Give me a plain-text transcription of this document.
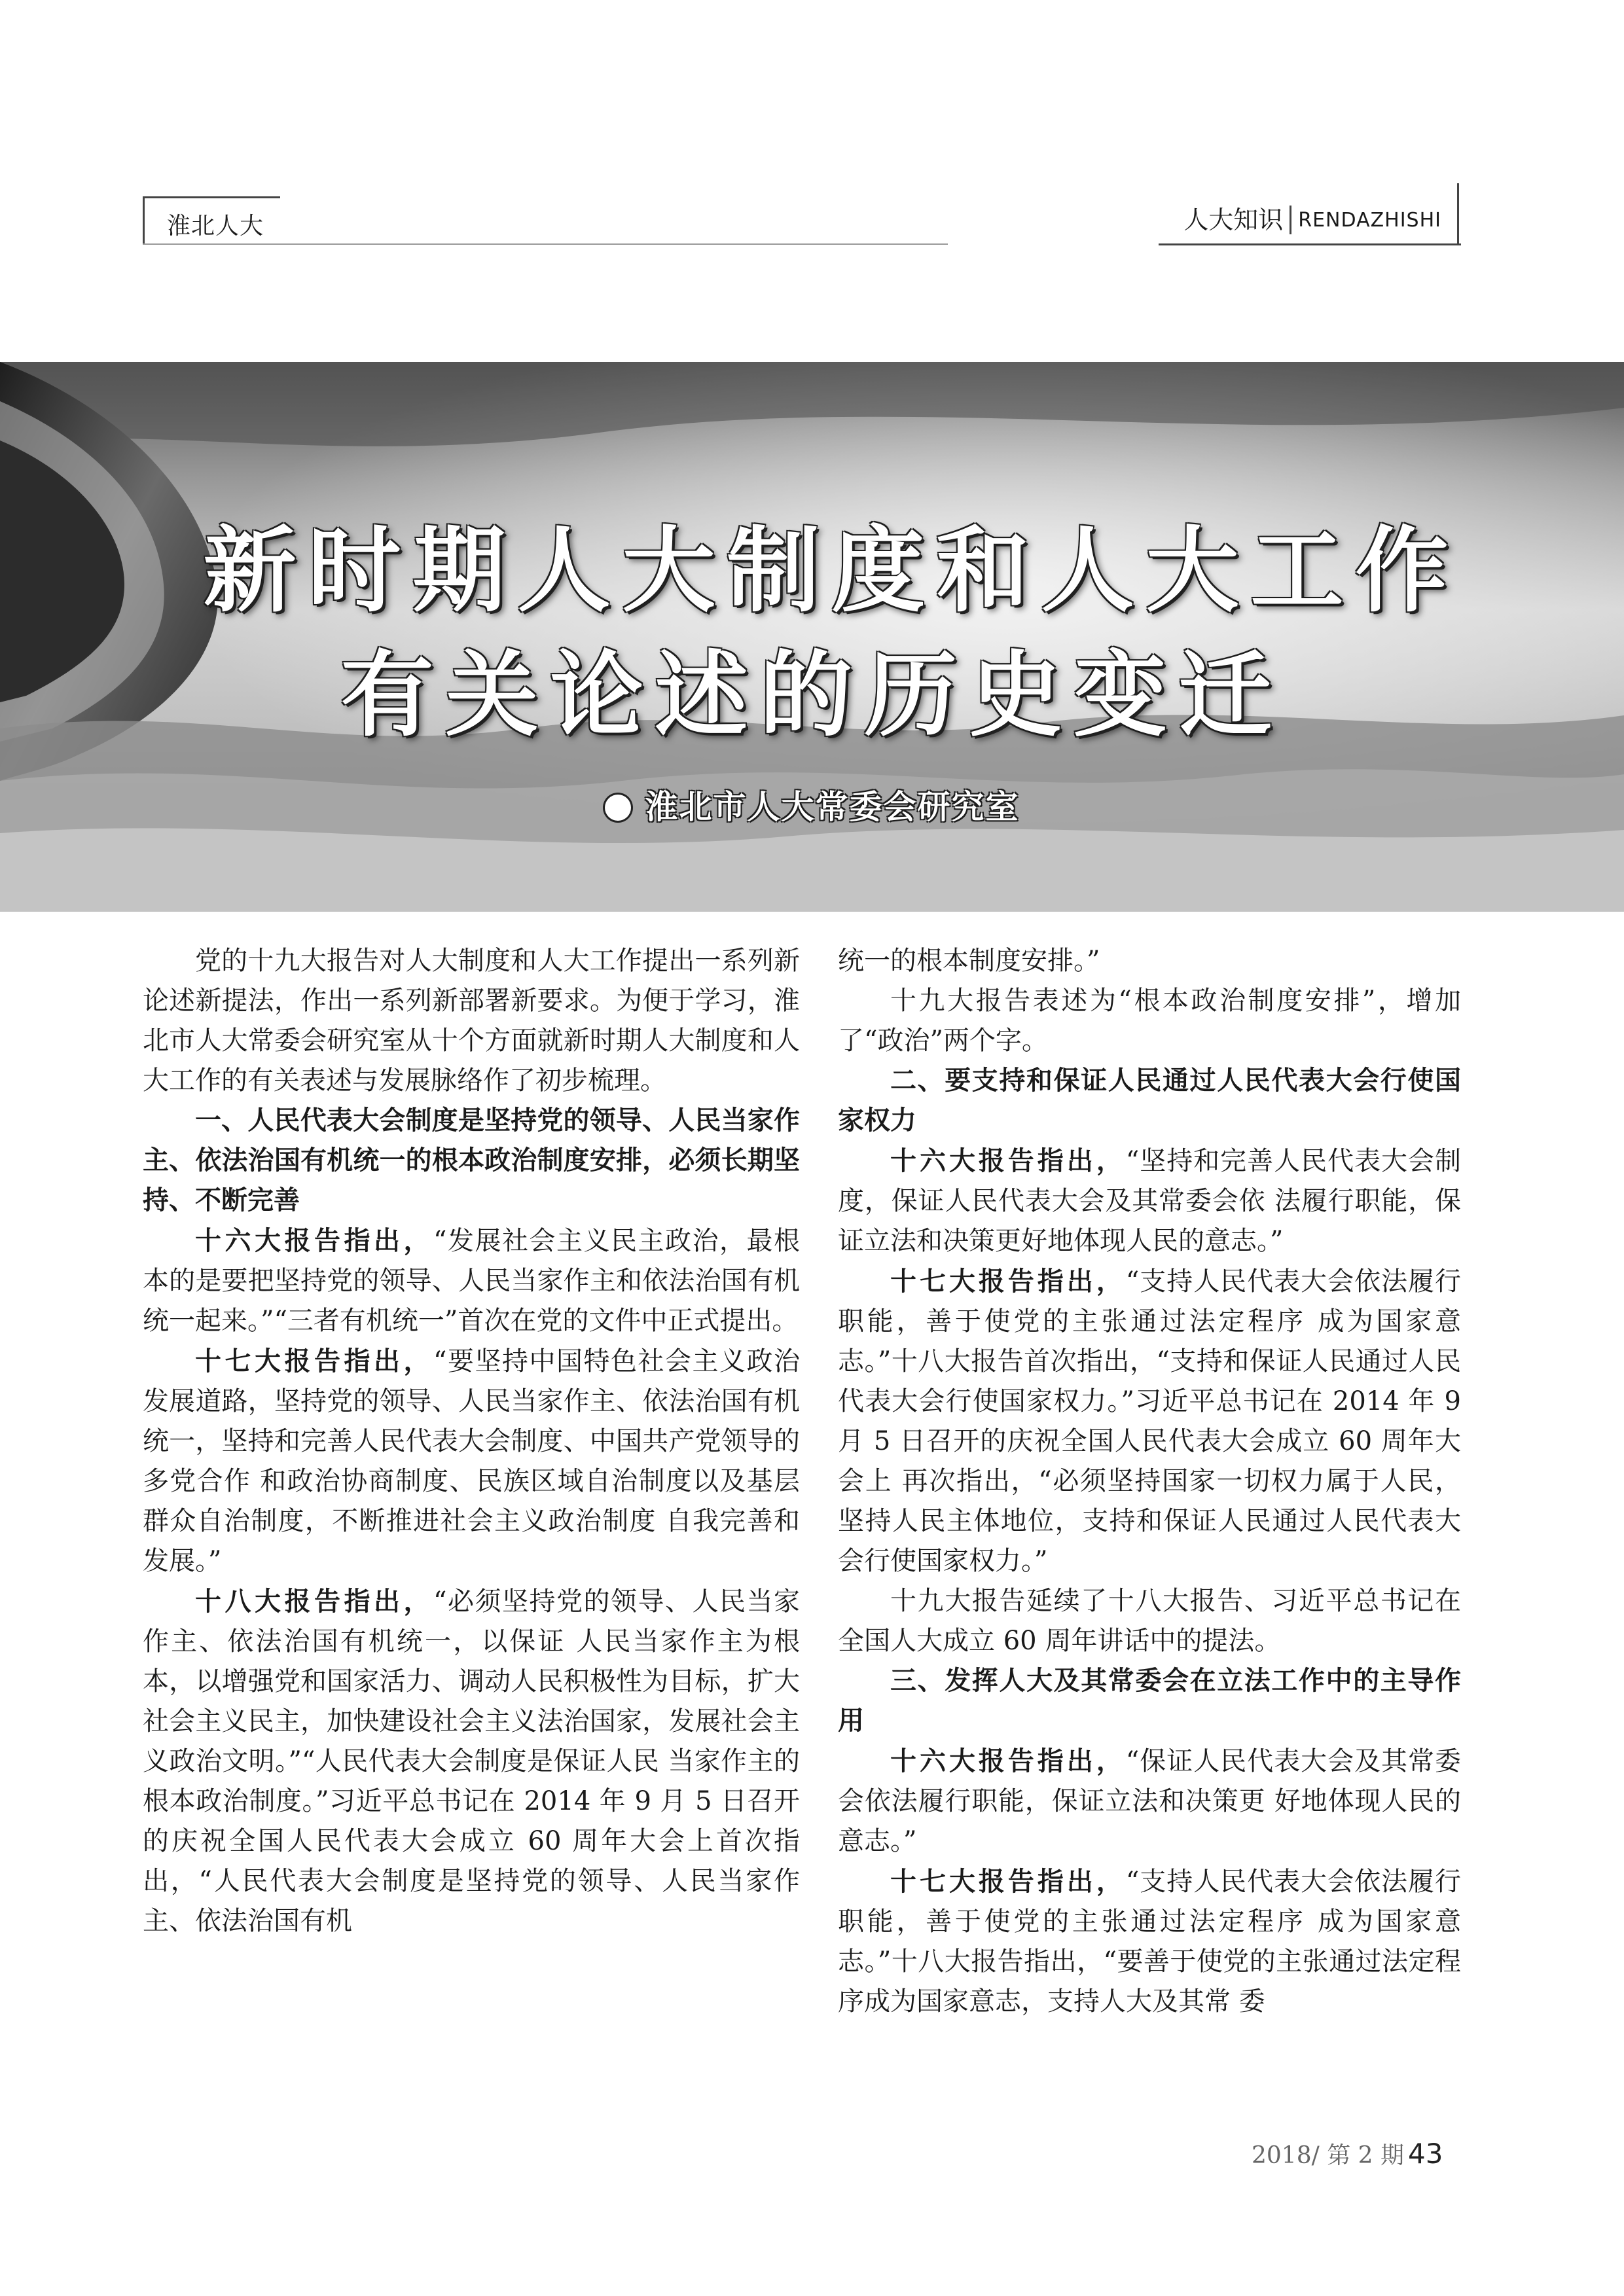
淮北人大	人大知识 RENDAZHISHI
新时期人大制度和人大工作
有关论述的历史变迁
淮北市人大常委会研究室

党的十九大报告对人大制度和人大工作提出一系列新论述新提法，作出一系列新部署新要求。为便于学习，淮北市人大常委会研究室从十个方面就新时期人大制度和人大工作的有关表述与发展脉络作了初步梳理。

一、人民代表大会制度是坚持党的领导、人民当家作主、依法治国有机统一的根本政治制度安排，必须长期坚持、不断完善

十六大报告指出，“发展社会主义民主政治，最根本的是要把坚持党的领导、人民当家作主和依法治国有机统一起来。”“三者有机统一”首次在党的文件中正式提出。

十七大报告指出，“要坚持中国特色社会主义政治发展道路，坚持党的领导、人民当家作主、依法治国有机统一，坚持和完善人民代表大会制度、中国共产党领导的多党合作 和政治协商制度、民族区域自治制度以及基层群众自治制度，不断推进社会主义政治制度 自我完善和发展。”

十八大报告指出，“必须坚持党的领导、人民当家作主、依法治国有机统一，以保证 人民当家作主为根本，以增强党和国家活力、调动人民积极性为目标，扩大社会主义民主，加快建设社会主义法治国家，发展社会主义政治文明。”“人民代表大会制度是保证人民 当家作主的根本政治制度。”习近平总书记在 2014 年 9 月 5 日召开的庆祝全国人民代表大会成立 60 周年大会上首次指出，“人民代表大会制度是坚持党的领导、人民当家作主、依法治国有机

统一的根本制度安排。”

十九大报告表述为“根本政治制度安排”，增加了“政治”两个字。

二、要支持和保证人民通过人民代表大会行使国家权力

十六大报告指出，“坚持和完善人民代表大会制度，保证人民代表大会及其常委会依 法履行职能，保证立法和决策更好地体现人民的意志。”

十七大报告指出，“支持人民代表大会依法履行职能，善于使党的主张通过法定程序 成为国家意志。”十八大报告首次指出，“支持和保证人民通过人民代表大会行使国家权力。”习近平总书记在 2014 年 9 月 5 日召开的庆祝全国人民代表大会成立 60 周年大会上 再次指出，“必须坚持国家一切权力属于人民，坚持人民主体地位，支持和保证人民通过人民代表大会行使国家权力。”

十九大报告延续了十八大报告、习近平总书记在全国人大成立 60 周年讲话中的提法。

三、发挥人大及其常委会在立法工作中的主导作用

十六大报告指出，“保证人民代表大会及其常委会依法履行职能，保证立法和决策更 好地体现人民的意志。”

十七大报告指出，“支持人民代表大会依法履行职能，善于使党的主张通过法定程序 成为国家意志。”十八大报告指出，“要善于使党的主张通过法定程序成为国家意志，支持人大及其常 委

2018/ 第 2 期 43
